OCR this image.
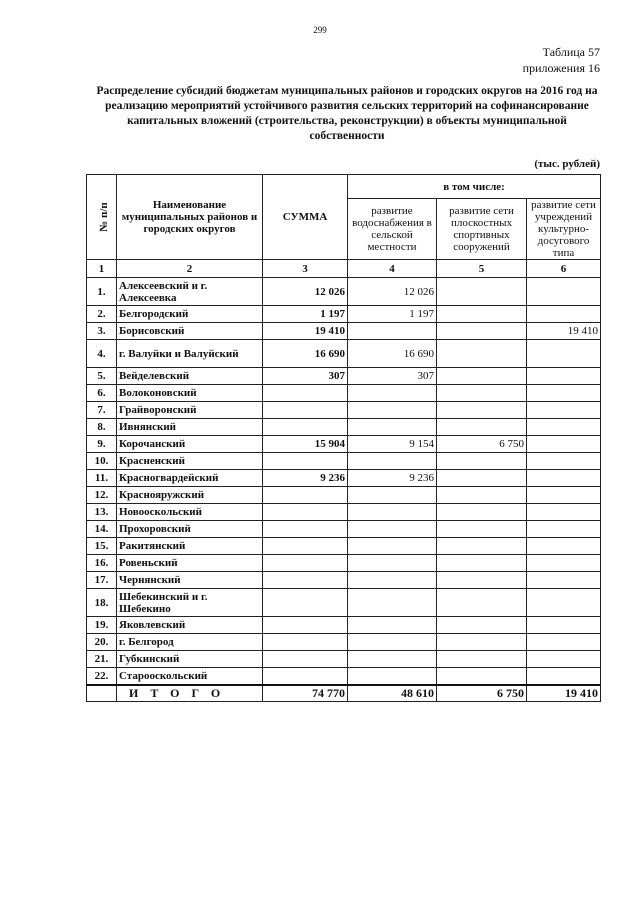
299
Таблица 57
приложения 16
Распределение субсидий бюджетам муниципальных районов и городских округов на 2016 год на реализацию мероприятий устойчивого развития сельских территорий на софинансирование капитальных вложений (строительства, реконструкции) в объекты муниципальной собственности
(тыс. рублей)
№ п/п	Наименование муниципальных районов и городских округов	СУММА	в том числе:		
			развитие водоснабжения в сельской местности	развитие сети плоскостных спортивных сооружений	развитие сети учреждений культурно-досугового типа
1	2	3	4	5	6
1.	Алексеевский и г. Алексеевка	12 026	12 026		
2.	Белгородский	1 197	1 197		
3.	Борисовский	19 410			19 410
4.	г. Валуйки и Валуйский	16 690	16 690		
5.	Вейделевский	307	307		
6.	Волоконовский				
7.	Грайворонский				
8.	Ивнянский				
9.	Корочанский	15 904	9 154	6 750	
10.	Красненский				
11.	Красногвардейский	9 236	9 236		
12.	Краснояружский				
13.	Новооскольский				
14.	Прохоровский				
15.	Ракитянский				
16.	Ровеньский				
17.	Чернянский				
18.	Шебекинский и г. Шебекино				
19.	Яковлевский				
20.	г. Белгород				
21.	Губкинский				
22.	Старооскольский				
	ИТОГО	74 770	48 610	6 750	19 410
